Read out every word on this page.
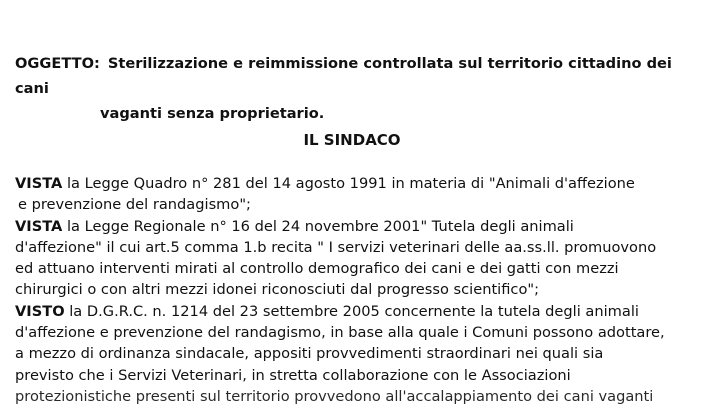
OGGETTO: Sterilizzazione e reimmissione controllata sul territorio cittadino dei cani
vaganti senza proprietario.
IL SINDACO
VISTA la Legge Quadro n° 281 del 14 agosto 1991 in materia di "Animali d'affezione
e prevenzione del randagismo";
VISTA la Legge Regionale n° 16 del 24 novembre 2001" Tutela degli animali
d'affezione" il cui art.5 comma 1.b recita " I servizi veterinari delle aa.ss.ll. promuovono
ed attuano interventi mirati al controllo demografico dei cani e dei gatti con mezzi
chirurgici o con altri mezzi idonei riconosciuti dal progresso scientifico";
VISTO la D.G.R.C. n. 1214 del 23 settembre 2005 concernente la tutela degli animali
d'affezione e prevenzione del randagismo, in base alla quale i Comuni possono adottare,
a mezzo di ordinanza sindacale, appositi provvedimenti straordinari nei quali sia
previsto che i Servizi Veterinari, in stretta collaborazione con le Associazioni
protezionistiche presenti sul territorio provvedono all'accalappiamento dei cani vaganti
